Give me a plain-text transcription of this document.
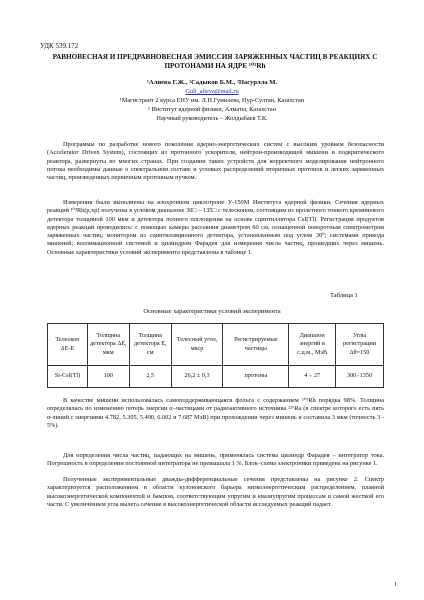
УДК 539.172
РАВНОВЕСНАЯ И ПРЕДРАВНОВЕСНАЯ ЭМИССИЯ ЗАРЯЖЕННЫХ ЧАСТИЦ В РЕАКЦИЯХ С ПРОТОНАМИ НА ЯДРЕ ¹⁰³Rh
¹Алиева Г.Ж., ²Садыков Б.М., ²Насурлла М.
Guli_alieva@mail.ru
¹Магистрант 2 курса ЕНУ им. Л.Н.Гумилева, Нур-Султан, Казахстан
² Институт ядерной физики, Алматы, Казахстан
Научный руководитель – Жолдыбаев Т.К.

Программы по разработке нового поколения ядерно-энергетических систем с высоким уровнем безопасности (Accelerator Driven System), состоящих из протонного ускорителя, нейтрон-производящей мишени и подкритического реактора, развернуты во многих странах. При создании таких устройств для корректного моделирования нейтронного потока необходимы данные о спектральном составе и угловых распределений вторичных протонов и легких заряженных частиц, произведенных первичным протонным пучком.

Измерения были выполнены на изохронном циклотроне У-150М Института ядерной физики. Сечения ядерных реакций ¹⁰³Rh(p,xp) получены в угловом диапазоне 30□ – 135□ с телескопом, состоящим из пролетного тонкого кремниевого детектора толщиной 100 мкм и детектора полного поглощения на основе сцинтиллятора CsI(Tl). Регистрация продуктов ядерных реакций проводились: с помощью камеры рассеяния диаметром 60 см, оснащенной поворотным спектрометром заряженных частиц; монитором из сцинтилляционного детектора, установленным под углом 30⁰; системами привода мишеней; коллимационной системой и цилиндром Фарадея для измерения числа частиц, прошедших через мишень. Основные характеристики условий эксперимента представлены в таблице 1.

Таблица 1
Основные характеристики условий эксперимента
Телескоп ΔE-E	Толщина детектора ΔE, мкм	Толщина детектора E, см	Телесный угол, мкср	Регистрируемые частицы	Диапазон энергий в с.ц.м., МэВ	Углы регистрации Δθ=150
Si-CsI(Tl)	100	2,5	26,2 ± 0,3	протоны	4 ÷ 27	300÷1350

В качестве мишени использовалась самоподдерживающаяся фольга с содержанием ¹⁰³Rh порядка 98%. Толщина определялась по изменению потерь энергии α–частицами от радиоактивного источника ²²⁶Ra (в спектре которого есть пять α-линий с энергиями 4.782, 5.305, 5.490, 6.002 и 7.687 МэВ) при прохождении через мишень и составила 3 мкм (точность 3 - 5%).

Для определения числа частиц, падающих на мишень, применялась система цилиндр Фарадея – интегратор тока. Погрешность в определении постоянной интегратора не превышала 1 %. Блок–схема электроники приведена на рисунке 1.

Полученные экспериментальные дважды-дифференциальные сечения представлены на рисунке 2. Спектр характеризуется расположением в области кулоновского барьера низкоэнергетическим распределением, плавной высокоэнергетической компонентой и бампом, соответствующим упругим и квазиупругим процессам в самой жесткой его части. С увеличением угла вылета сечение в высокоэнергетической области исследуемых реакций падает.

1
